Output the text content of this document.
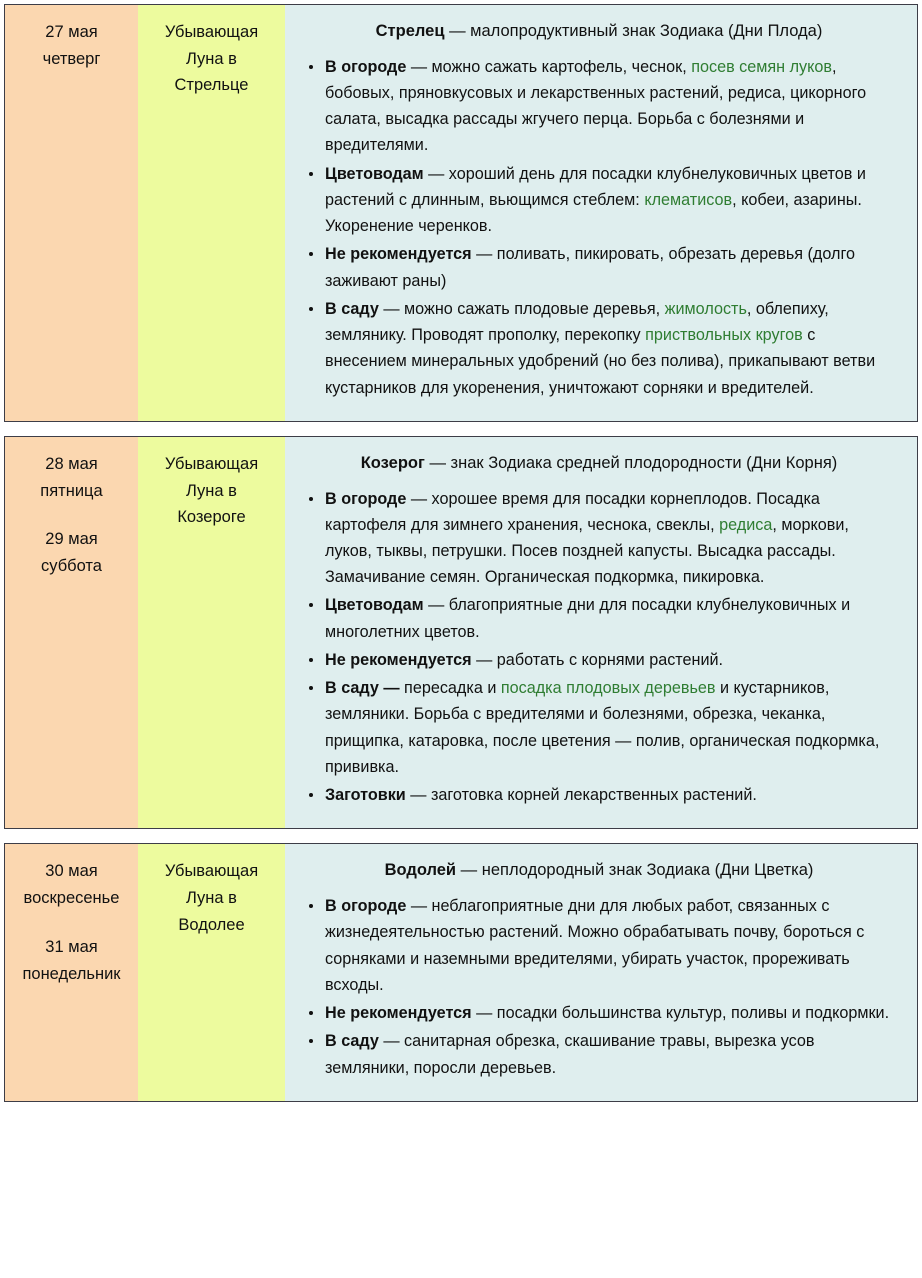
27 мая
четверг
Убывающая
Луна в
Стрельце
Стрелец — малопродуктивный знак Зодиака (Дни Плода)
В огороде — можно сажать картофель, чеснок, посев семян луков, бобовых, пряновкусовых и лекарственных растений, редиса, цикорного салата, высадка рассады жгучего перца. Борьба с болезнями и вредителями.
Цветоводам — хороший день для посадки клубнелуковичных цветов и растений с длинным, вьющимся стеблем: клематисов, кобеи, азарины. Укоренение черенков.
Не рекомендуется — поливать, пикировать, обрезать деревья (долго заживают раны)
В саду — можно сажать плодовые деревья, жимолость, облепиху, землянику. Проводят прополку, перекопку приствольных кругов с внесением минеральных удобрений (но без полива), прикапывают ветви кустарников для укоренения, уничтожают сорняки и вредителей.
28 мая
пятница
29 мая
суббота
Убывающая
Луна в
Козероге
Козерог — знак Зодиака средней плодородности (Дни Корня)
В огороде — хорошее время для посадки корнеплодов. Посадка картофеля для зимнего хранения, чеснока, свеклы, редиса, моркови, луков, тыквы, петрушки. Посев поздней капусты. Высадка рассады. Замачивание семян. Органическая подкормка, пикировка.
Цветоводам — благоприятные дни для посадки клубнелуковичных и многолетних цветов.
Не рекомендуется — работать с корнями растений.
В саду — пересадка и посадка плодовых деревьев и кустарников, земляники. Борьба с вредителями и болезнями, обрезка, чеканка, прищипка, катаровка, после цветения — полив, органическая подкормка, прививка.
Заготовки — заготовка корней лекарственных растений.
30 мая
воскресенье
31 мая
понедельник
Убывающая
Луна в
Водолее
Водолей — неплодородный знак Зодиака (Дни Цветка)
В огороде — неблагоприятные дни для любых работ, связанных с жизнедеятельностью растений. Можно обрабатывать почву, бороться с сорняками и наземными вредителями, убирать участок, прореживать всходы.
Не рекомендуется — посадки большинства культур, поливы и подкормки.
В саду — санитарная обрезка, скашивание травы, вырезка усов земляники, поросли деревьев.
